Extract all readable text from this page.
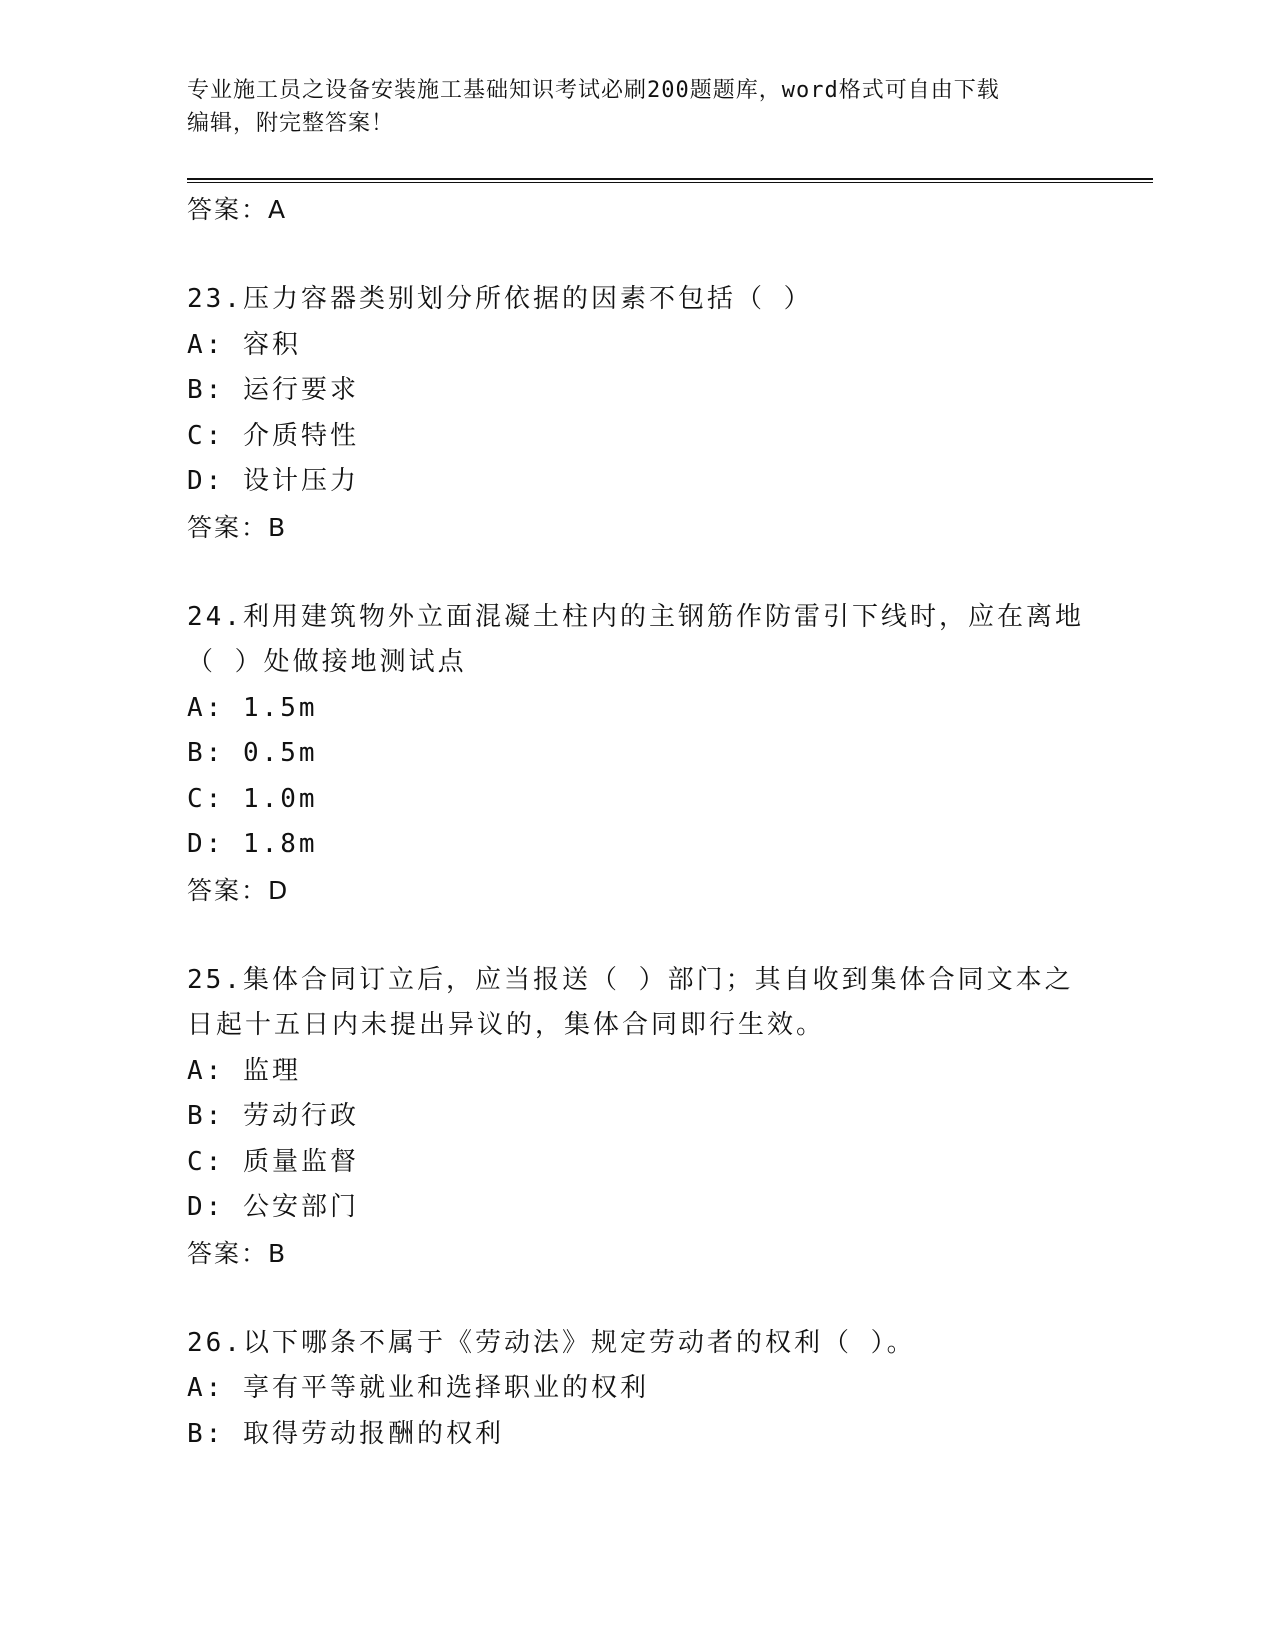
专业施工员之设备安装施工基础知识考试必刷200题题库，word格式可自由下载
编辑，附完整答案！
答案：A
23.压力容器类别划分所依据的因素不包括（ ）
A: 容积
B: 运行要求
C: 介质特性
D: 设计压力
答案：B
24.利用建筑物外立面混凝土柱内的主钢筋作防雷引下线时，应在离地（ ）处做接地测试点
A: 1.5m
B: 0.5m
C: 1.0m
D: 1.8m
答案：D
25.集体合同订立后，应当报送（ ）部门；其自收到集体合同文本之日起十五日内未提出异议的，集体合同即行生效。
A: 监理
B: 劳动行政
C: 质量监督
D: 公安部门
答案：B
26.以下哪条不属于《劳动法》规定劳动者的权利（ ）。
A: 享有平等就业和选择职业的权利
B: 取得劳动报酬的权利
